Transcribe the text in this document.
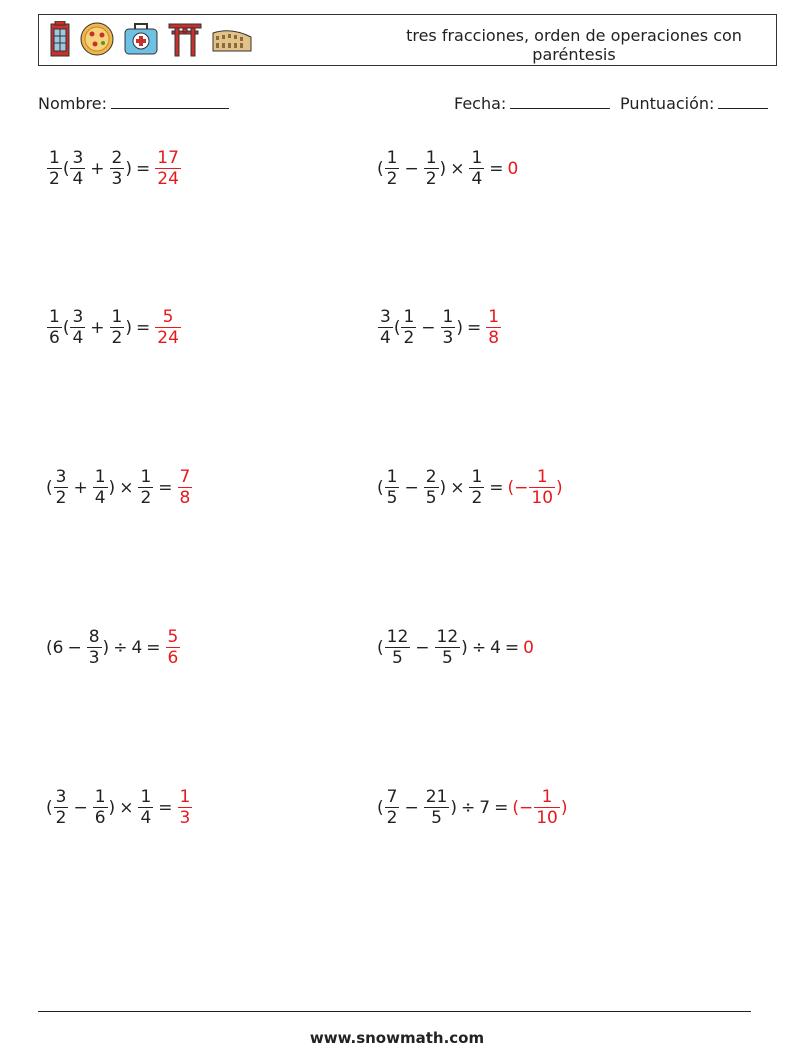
tres fracciones, orden de operaciones con paréntesis
Nombre:	Fecha:	Puntuación:
$\frac{1}{2}$ ( $\frac{3}{4} + \frac{2}{3}$ ) = $\frac{17}{24}$	( $\frac{1}{2} - \frac{1}{2}$ ) × $\frac{1}{4} = 0$
$\frac{1}{6}$ ( $\frac{3}{4} + \frac{1}{2}$ ) = $\frac{5}{24}$	$\frac{3}{4}$ ( $\frac{1}{2} - \frac{1}{3}$ ) = $\frac{1}{8}$
( $\frac{3}{2} + \frac{1}{4}$ ) × $\frac{1}{2} = \frac{7}{8}$	( $\frac{1}{5} - \frac{2}{5}$ ) × $\frac{1}{2}$ = (− $\frac{1}{10}$ )
( $6 - \frac{8}{3}$ ) ÷ $4 = \frac{5}{6}$	( $\frac{12}{5} - \frac{12}{5}$ ) ÷ 4 = 0
( $\frac{3}{2} - \frac{1}{6}$ ) × $\frac{1}{4} = \frac{1}{3}$	( $\frac{7}{2} - \frac{21}{5}$ ) ÷ 7 = (− $\frac{1}{10}$ )
www.snowmath.com
